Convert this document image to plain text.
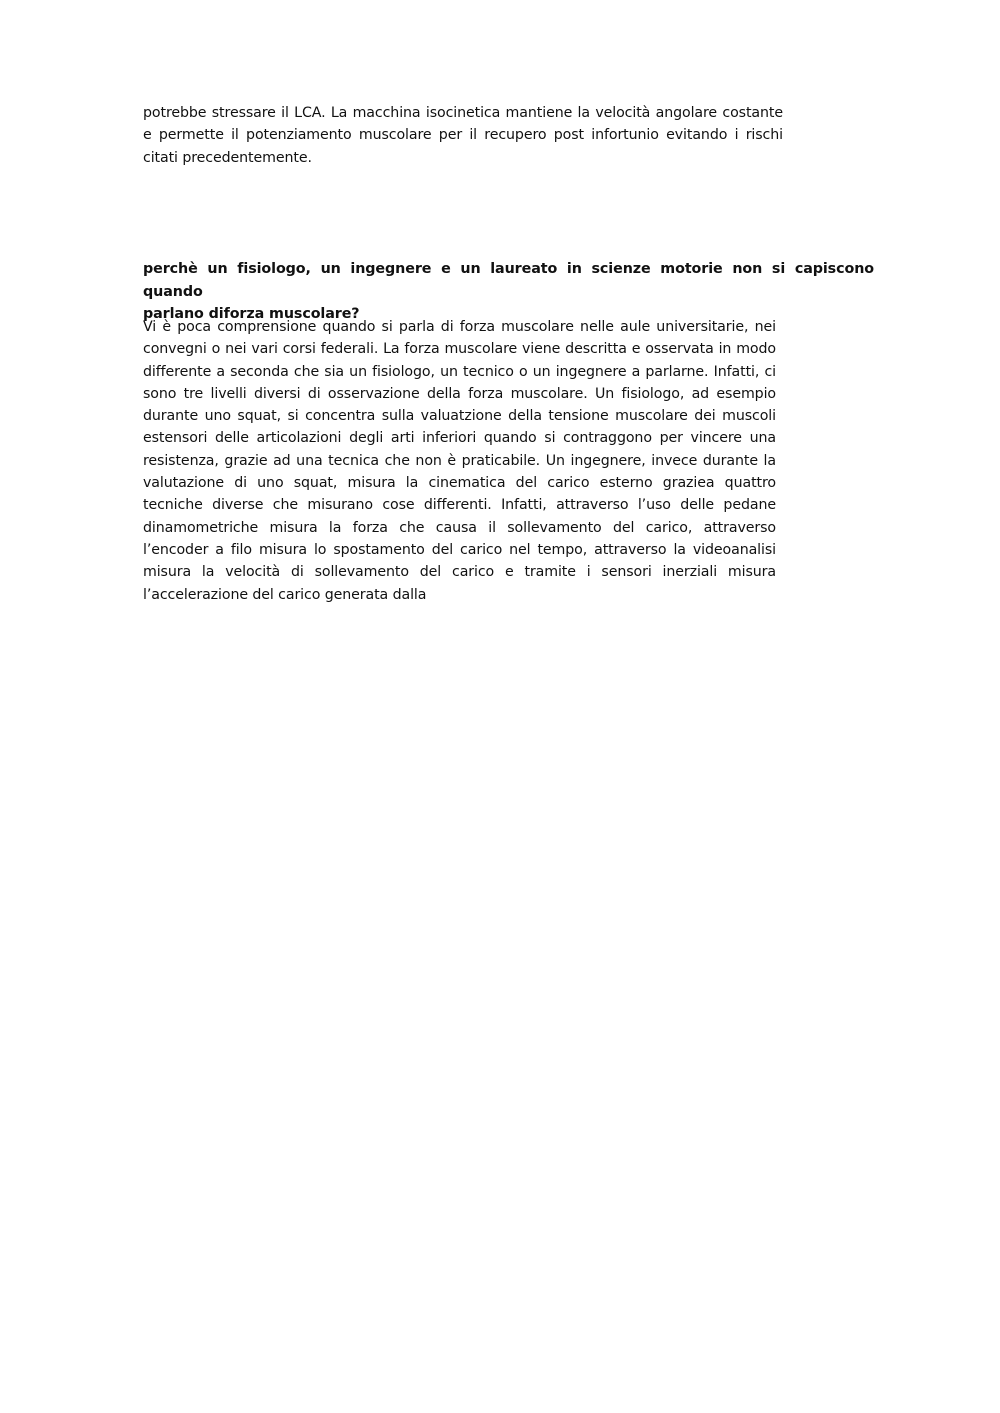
potrebbe stressare il LCA. La macchina isocinetica mantiene la velocità angolare costante
e permette il potenziamento muscolare per il recupero post infortunio evitando i rischi
citati precedentemente.

perchè un fisiologo, un ingegnere e un laureato in scienze motorie non si capiscono quando
parlano diforza muscolare?

Vi è poca comprensione quando si parla di forza muscolare nelle aule universitarie, nei
convegni o nei vari corsi federali. La forza muscolare viene descritta e osservata in modo
differente a seconda che sia un fisiologo, un tecnico o un ingegnere a parlarne. Infatti, ci
sono tre livelli diversi di osservazione della forza muscolare. Un fisiologo, ad esempio
durante uno squat, si concentra sulla valuatzione della tensione muscolare dei muscoli
estensori delle articolazioni degli arti inferiori quando si contraggono per vincere una
resistenza, grazie ad una tecnica che non è praticabile. Un ingegnere, invece durante la
valutazione di uno squat, misura la cinematica del carico esterno graziea quattro
tecniche diverse che misurano cose differenti. Infatti, attraverso l’uso delle pedane
dinamometriche misura la forza che causa il sollevamento del carico, attraverso
l’encoder a filo misura lo spostamento del carico nel tempo, attraverso la videoanalisi
misura la velocità di sollevamento del carico e tramite i sensori inerziali misura
l’accelerazione del carico generata dalla
